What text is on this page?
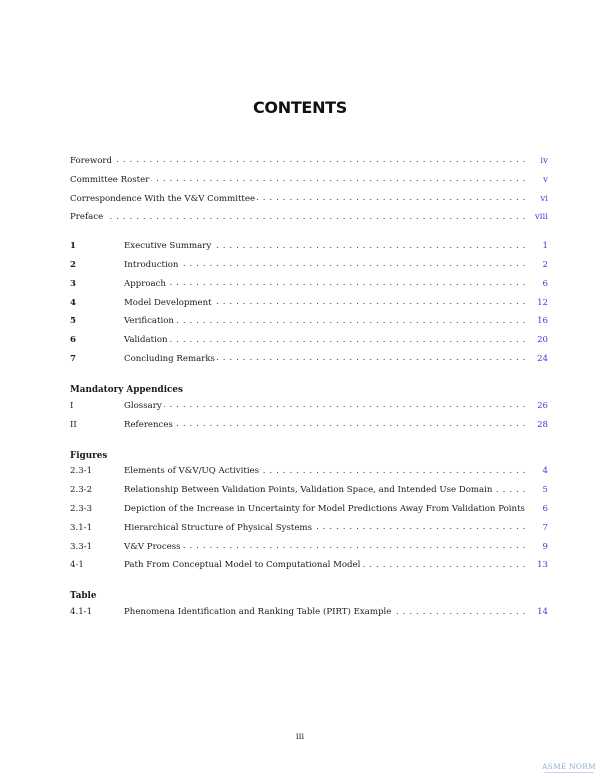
CONTENTS
Foreword . . .	iv
Committee Roster . . .	v
Correspondence With the V&V Committee . . .	vi
Preface . . .	viii
1	Executive Summary . . .	1
2	Introduction . . .	2
3	Approach . . .	6
4	Model Development . . .	12
5	Verification . . .	16
6	Validation . . .	20
7	Concluding Remarks . . .	24
Mandatory Appendices
I	Glossary . . .	26
II	References . . .	28
Figures
2.3-1	Elements of V&V/UQ Activities . . .	4
2.3-2	Relationship Between Validation Points, Validation Space, and Intended Use Domain . . .	5
2.3-3	Depiction of the Increase in Uncertainty for Model Predictions Away From Validation Points 6
3.1-1	Hierarchical Structure of Physical Systems . . .	7
3.3-1	V&V Process . . .	9
4-1	Path From Conceptual Model to Computational Model . . .	13
Table
4.1-1	Phenomena Identification and Ranking Table (PIRT) Example . . .	14
iii
ASME NORM
